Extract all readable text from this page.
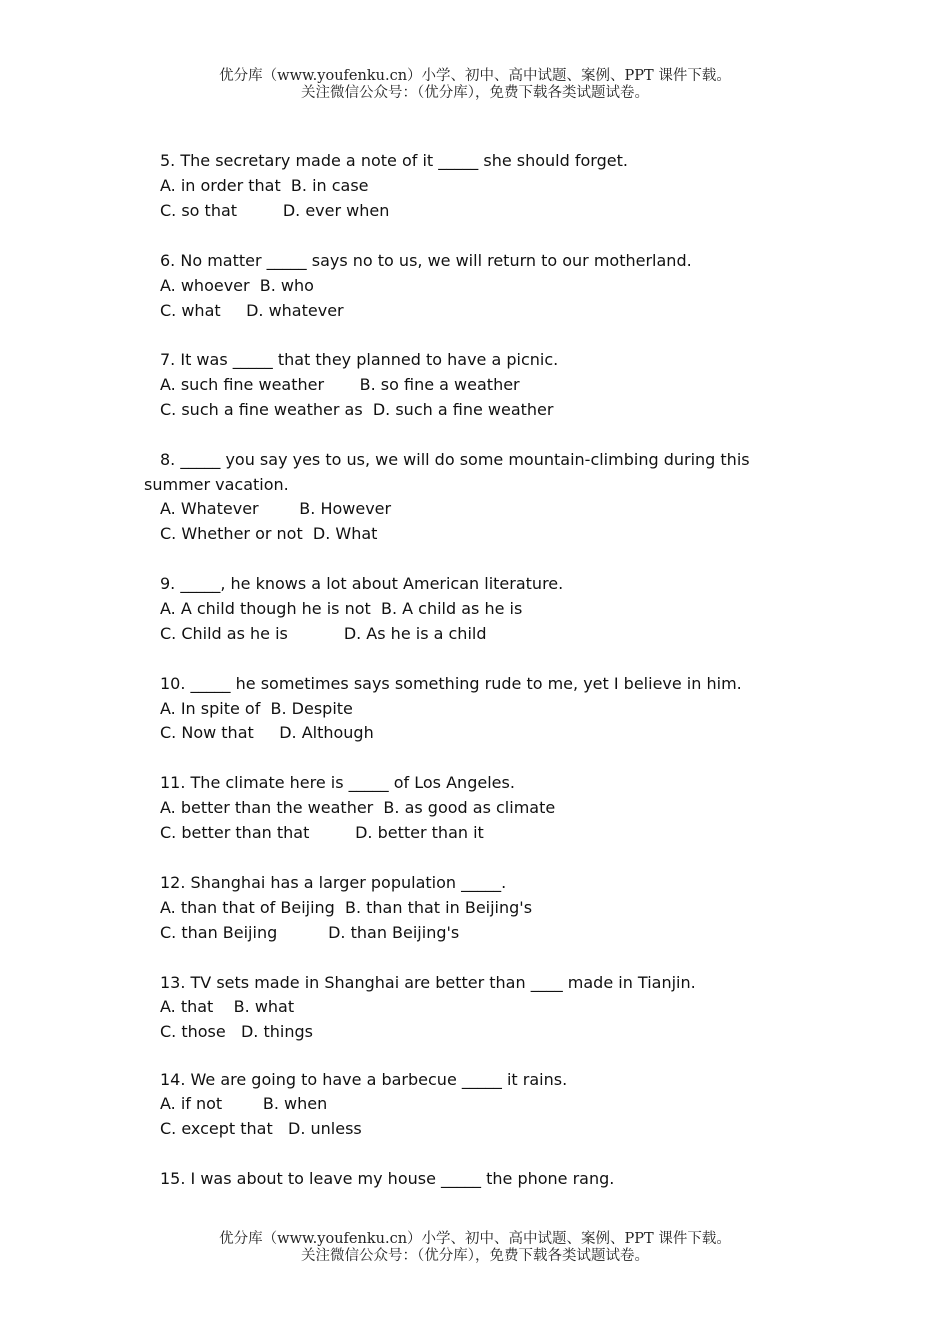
优分库（www.youfenku.cn）小学、初中、高中试题、案例、PPT 课件下载。
关注微信公众号：（优分库），免费下载各类试题试卷。
5. The secretary made a note of it _____ she should forget.
A. in order that  B. in case
C. so that         D. ever when
6. No matter _____ says no to us, we will return to our motherland.
A. whoever  B. who
C. what     D. whatever
7. It was _____ that they planned to have a picnic.
A. such fine weather       B. so fine a weather
C. such a fine weather as  D. such a fine weather
8. _____ you say yes to us, we will do some mountain-climbing during this
summer vacation.
A. Whatever        B. However
C. Whether or not  D. What
9. _____, he knows a lot about American literature.
A. A child though he is not  B. A child as he is
C. Child as he is           D. As he is a child
10. _____ he sometimes says something rude to me, yet I believe in him.
A. In spite of  B. Despite
C. Now that     D. Although
11. The climate here is _____ of Los Angeles.
A. better than the weather  B. as good as climate
C. better than that         D. better than it
12. Shanghai has a larger population _____.
A. than that of Beijing  B. than that in Beijing's
C. than Beijing          D. than Beijing's
13. TV sets made in Shanghai are better than ____ made in Tianjin.
A. that    B. what
C. those   D. things
14. We are going to have a barbecue _____ it rains.
A. if not        B. when
C. except that   D. unless
15. I was about to leave my house _____ the phone rang.
优分库（www.youfenku.cn）小学、初中、高中试题、案例、PPT 课件下载。
关注微信公众号：（优分库），免费下载各类试题试卷。
